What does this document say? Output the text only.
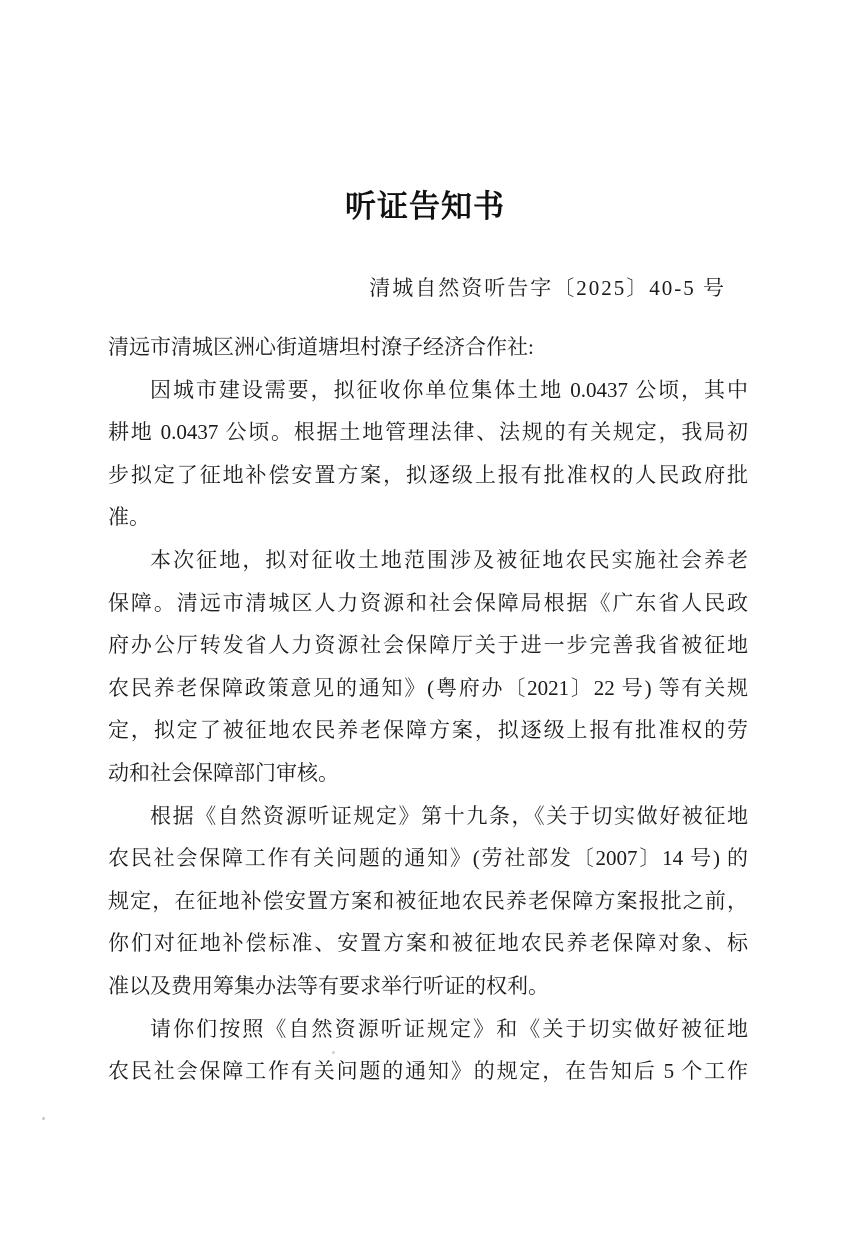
听证告知书
清城自然资听告字〔2025〕40-5 号
清远市清城区洲心街道塘坦村潦子经济合作社:
因城市建设需要，拟征收你单位集体土地 0.0437 公顷，其中
耕地 0.0437 公顷。根据土地管理法律、法规的有关规定，我局初
步拟定了征地补偿安置方案，拟逐级上报有批准权的人民政府批
准。
本次征地，拟对征收土地范围涉及被征地农民实施社会养老
保障。清远市清城区人力资源和社会保障局根据《广东省人民政
府办公厅转发省人力资源社会保障厅关于进一步完善我省被征地
农民养老保障政策意见的通知》(粤府办〔2021〕22 号) 等有关规
定，拟定了被征地农民养老保障方案，拟逐级上报有批准权的劳
动和社会保障部门审核。
根据《自然资源听证规定》第十九条，《关于切实做好被征地
农民社会保障工作有关问题的通知》(劳社部发〔2007〕14 号) 的
规定，在征地补偿安置方案和被征地农民养老保障方案报批之前，
你们对征地补偿标准、安置方案和被征地农民养老保障对象、标
准以及费用筹集办法等有要求举行听证的权利。
请你们按照《自然资源听证规定》和《关于切实做好被征地
农民社会保障工作有关问题的通知》的规定，在告知后 5 个工作
